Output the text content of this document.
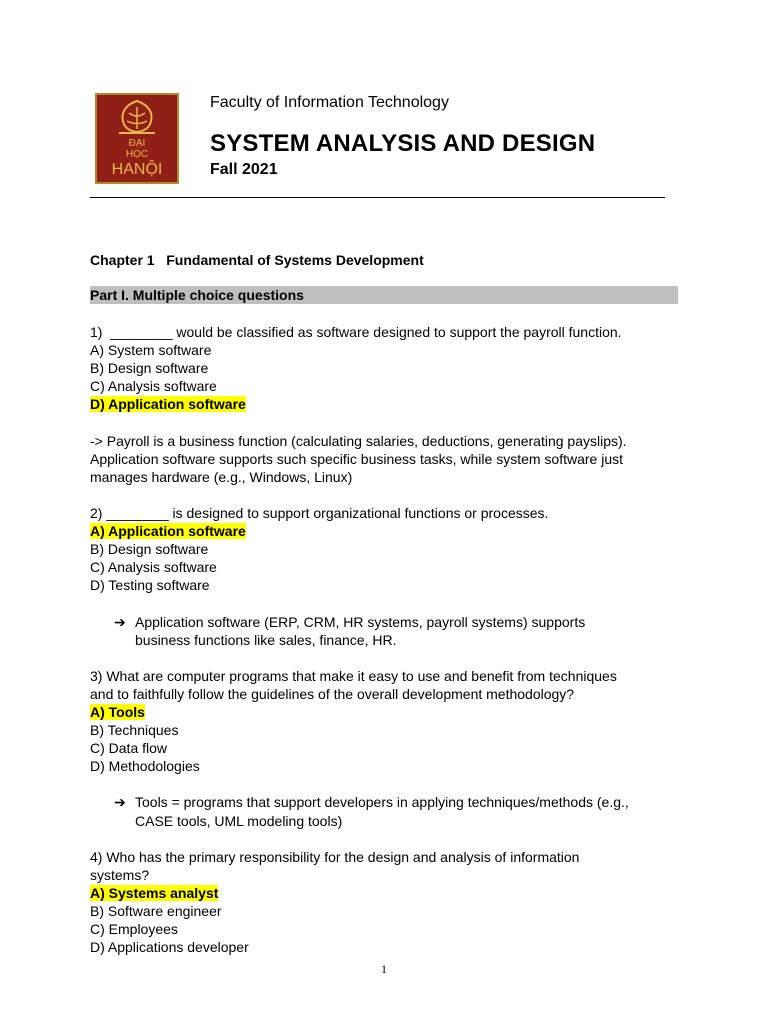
ĐẠI
HỌC
HANỘI
Faculty of Information Technology
SYSTEM ANALYSIS AND DESIGN
Fall 2021
Chapter 1   Fundamental of Systems Development
Part I. Multiple choice questions
1)  ________ would be classified as software designed to support the payroll function.
A) System software
B) Design software
C) Analysis software
D) Application software
-> Payroll is a business function (calculating salaries, deductions, generating payslips).
Application software supports such specific business tasks, while system software just
manages hardware (e.g., Windows, Linux)
2) ________ is designed to support organizational functions or processes.
A) Application software
B) Design software
C) Analysis software
D) Testing software
➔ Application software (ERP, CRM, HR systems, payroll systems) supports
business functions like sales, finance, HR.
3) What are computer programs that make it easy to use and benefit from techniques
and to faithfully follow the guidelines of the overall development methodology?
A) Tools
B) Techniques
C) Data flow
D) Methodologies
➔ Tools = programs that support developers in applying techniques/methods (e.g.,
CASE tools, UML modeling tools)
4) Who has the primary responsibility for the design and analysis of information
systems?
A) Systems analyst
B) Software engineer
C) Employees
D) Applications developer
1
